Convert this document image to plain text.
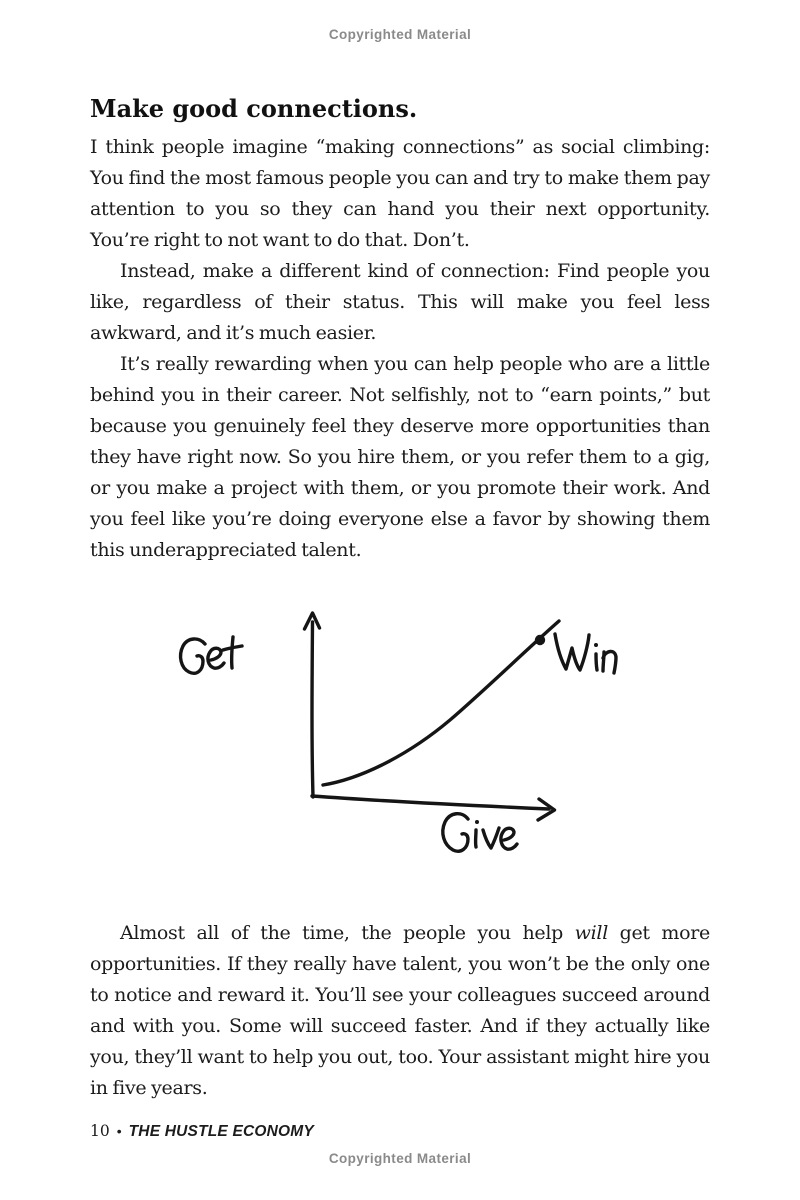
Copyrighted Material
Make good connections.

I think people imagine “making connections” as social climbing: You find the most famous people you can and try to make them pay attention to you so they can hand you their next opportunity. You’re right to not want to do that. Don’t.

Instead, make a different kind of connection: Find people you like, regardless of their status. This will make you feel less awkward, and it’s much easier.

It’s really rewarding when you can help people who are a little behind you in their career. Not selfishly, not to “earn points,” but because you genuinely feel they deserve more opportunities than they have right now. So you hire them, or you refer them to a gig, or you make a project with them, or you promote their work. And you feel like you’re doing everyone else a favor by showing them this underappreciated talent.

Almost all of the time, the people you help will get more opportunities. If they really have talent, you won’t be the only one to notice and reward it. You’ll see your colleagues succeed around and with you. Some will succeed faster. And if they actually like you, they’ll want to help you out, too. Your assistant might hire you in five years.

10 • THE HUSTLE ECONOMY
Copyrighted Material
